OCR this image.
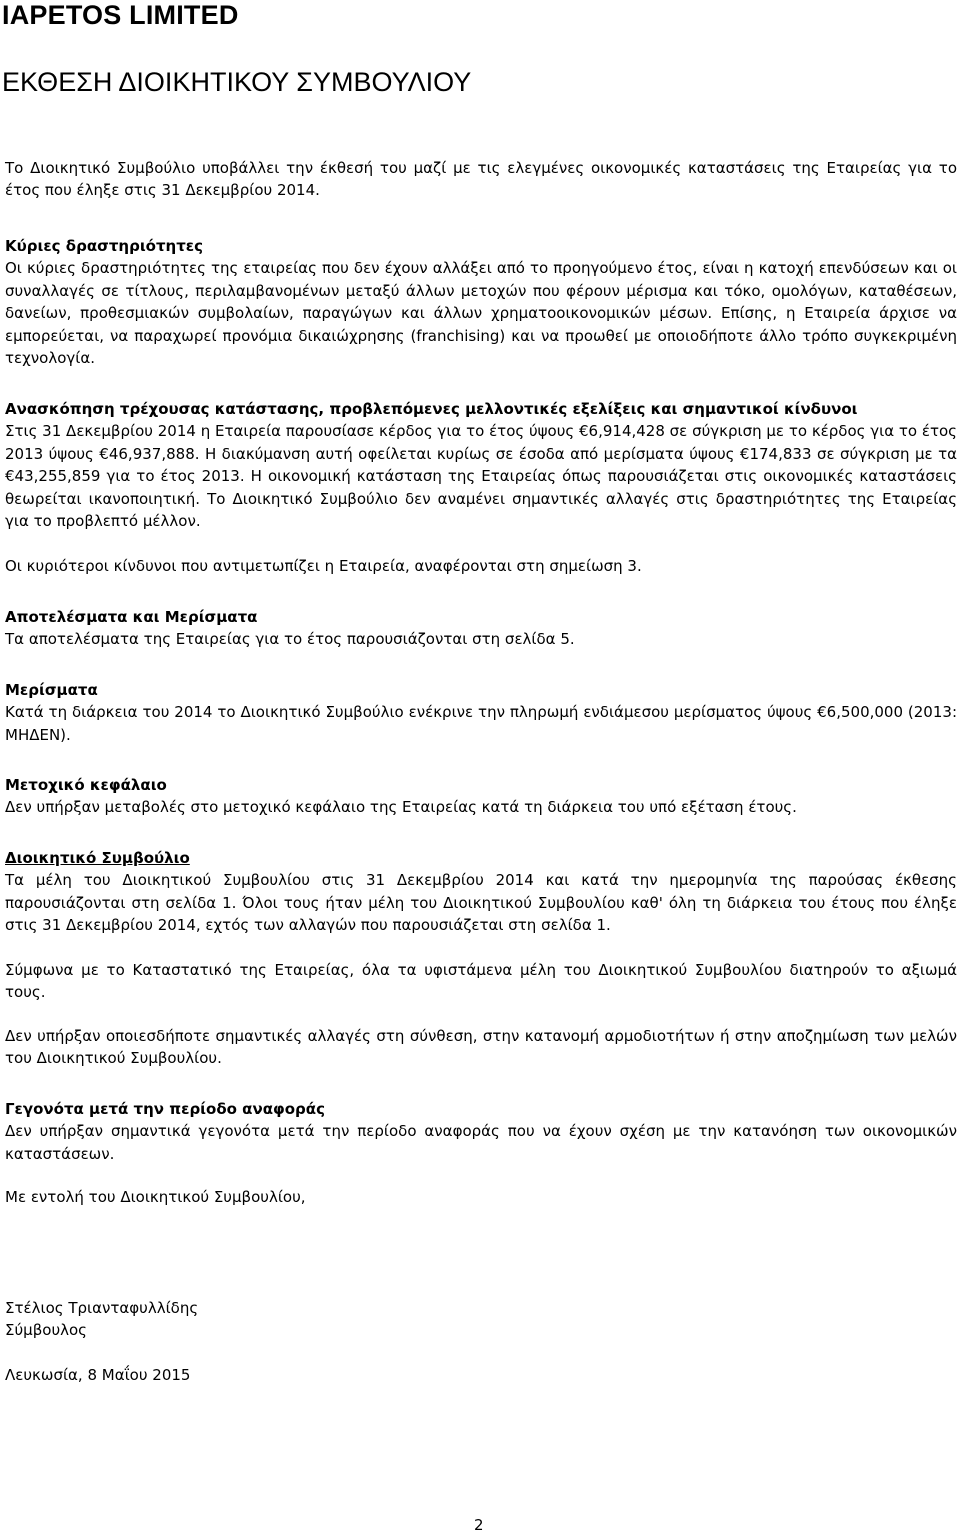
IAPETOS LIMITED
ΕΚΘΕΣΗ ΔΙΟΙΚΗΤΙΚΟΥ ΣΥΜΒΟΥΛΙΟΥ

Το Διοικητικό Συμβούλιο υποβάλλει την έκθεσή του μαζί με τις ελεγμένες οικονομικές καταστάσεις της Εταιρείας για το έτος που έληξε στις 31 Δεκεμβρίου 2014.

Κύριες δραστηριότητες

Οι κύριες δραστηριότητες της εταιρείας που δεν έχουν αλλάξει από το προηγούμενο έτος, είναι η κατοχή επενδύσεων και οι συναλλαγές σε τίτλους, περιλαμβανομένων μεταξύ άλλων μετοχών που φέρουν μέρισμα και τόκο, ομολόγων, καταθέσεων, δανείων, προθεσμιακών συμβολαίων, παραγώγων και άλλων χρηματοοικονομικών μέσων. Επίσης, η Εταιρεία άρχισε να εμπορεύεται, να παραχωρεί προνόμια δικαιώχρησης (franchising) και να προωθεί με οποιοδήποτε άλλο τρόπο συγκεκριμένη τεχνολογία.

Ανασκόπηση τρέχουσας κατάστασης, προβλεπόμενες μελλοντικές εξελίξεις και σημαντικοί κίνδυνοι

Στις 31 Δεκεμβρίου 2014 η Εταιρεία παρουσίασε κέρδος για το έτος ύψους €6,914,428 σε σύγκριση με το κέρδος για το έτος 2013 ύψους €46,937,888. Η διακύμανση αυτή οφείλεται κυρίως σε έσοδα από μερίσματα ύψους €174,833 σε σύγκριση με τα €43,255,859 για το έτος 2013. Η οικονομική κατάσταση της Εταιρείας όπως παρουσιάζεται στις οικονομικές καταστάσεις θεωρείται ικανοποιητική. Το Διοικητικό Συμβούλιο δεν αναμένει σημαντικές αλλαγές στις δραστηριότητες της Εταιρείας για το προβλεπτό μέλλον.

Οι κυριότεροι κίνδυνοι που αντιμετωπίζει η Εταιρεία, αναφέρονται στη σημείωση 3.

Αποτελέσματα και Μερίσματα

Τα αποτελέσματα της Εταιρείας για το έτος παρουσιάζονται στη σελίδα 5.

Μερίσματα

Κατά τη διάρκεια του 2014 το Διοικητικό Συμβούλιο ενέκρινε την πληρωμή ενδιάμεσου μερίσματος ύψους €6,500,000 (2013: ΜΗΔΕΝ).

Μετοχικό κεφάλαιο

Δεν υπήρξαν μεταβολές στο μετοχικό κεφάλαιο της Εταιρείας κατά τη διάρκεια του υπό εξέταση έτους.

Διοικητικό Συμβούλιο

Τα μέλη του Διοικητικού Συμβουλίου στις 31 Δεκεμβρίου 2014 και κατά την ημερομηνία της παρούσας έκθεσης παρουσιάζονται στη σελίδα 1. Όλοι τους ήταν μέλη του Διοικητικού Συμβουλίου καθ' όλη τη διάρκεια του έτους που έληξε στις 31 Δεκεμβρίου 2014, εχτός των αλλαγών που παρουσιάζεται στη σελίδα 1.

Σύμφωνα με το Καταστατικό της Εταιρείας, όλα τα υφιστάμενα μέλη του Διοικητικού Συμβουλίου διατηρούν το αξιωμά τους.

Δεν υπήρξαν οποιεσδήποτε σημαντικές αλλαγές στη σύνθεση, στην κατανομή αρμοδιοτήτων ή στην αποζημίωση των μελών του Διοικητικού Συμβουλίου.

Γεγονότα μετά την περίοδο αναφοράς

Δεν υπήρξαν σημαντικά γεγονότα μετά την περίοδο αναφοράς που να έχουν σχέση με την κατανόηση των οικονομικών καταστάσεων.

Με εντολή του Διοικητικού Συμβουλίου,

Στέλιος Τριανταφυλλίδης

Σύμβουλος

Λευκωσία, 8 Μαΐου 2015

2
